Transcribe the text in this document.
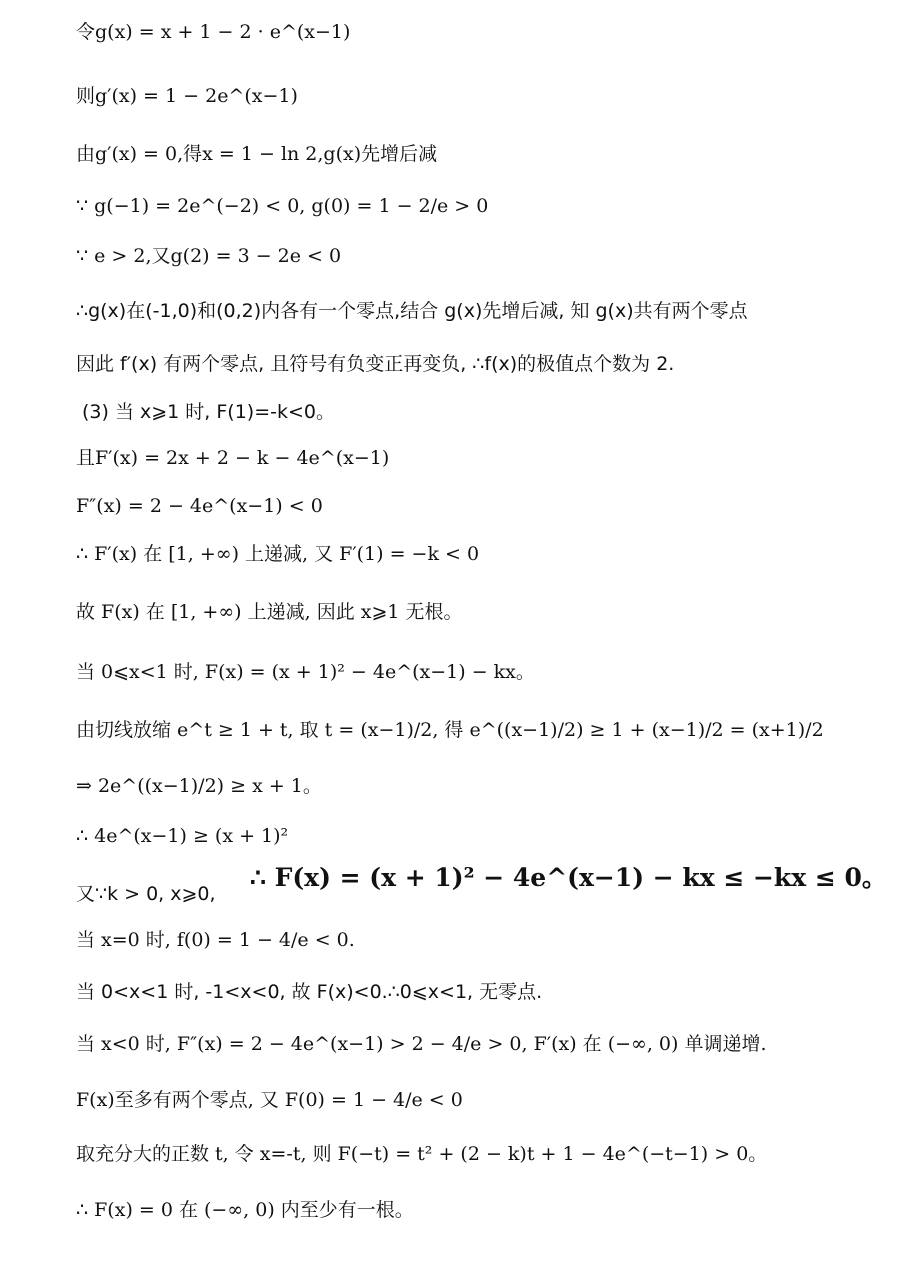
令g(x) = x + 1 − 2 · e^(x−1)
则g′(x) = 1 − 2e^(x−1)
由g′(x) = 0,得x = 1 − ln 2,g(x)先增后减
∵ g(−1) = 2e^(−2) < 0, g(0) = 1 − 2/e > 0
∵ e > 2,又g(2) = 3 − 2e < 0
∴g(x)在(-1,0)和(0,2)内各有一个零点,结合 g(x)先增后减, 知 g(x)共有两个零点
因此 f′(x) 有两个零点, 且符号有负变正再变负, ∴f(x)的极值点个数为 2.
(3) 当 x⩾1 时, F(1)=-k<0。
且F′(x) = 2x + 2 − k − 4e^(x−1)
F″(x) = 2 − 4e^(x−1) < 0
∴ F′(x) 在 [1, +∞) 上递减, 又 F′(1) = −k < 0
故 F(x) 在 [1, +∞) 上递减, 因此 x⩾1 无根。
当 0⩽x<1 时, F(x) = (x + 1)² − 4e^(x−1) − kx。
由切线放缩 e^t ≥ 1 + t, 取 t = (x−1)/2, 得 e^((x−1)/2) ≥ 1 + (x−1)/2 = (x+1)/2
⇒ 2e^((x−1)/2) ≥ x + 1。
∴ 4e^(x−1) ≥ (x + 1)²
又∵k > 0, x⩾0,
∴ F(x) = (x + 1)² − 4e^(x−1) − kx ≤ −kx ≤ 0。
当 x=0 时, f(0) = 1 − 4/e < 0.
当 0<x<1 时, -1<x<0, 故 F(x)<0.∴0⩽x<1, 无零点.
当 x<0 时, F″(x) = 2 − 4e^(x−1) > 2 − 4/e > 0, F′(x) 在 (−∞, 0) 单调递增.
F(x)至多有两个零点, 又 F(0) = 1 − 4/e < 0
取充分大的正数 t, 令 x=-t, 则 F(−t) = t² + (2 − k)t + 1 − 4e^(−t−1) > 0。
∴ F(x) = 0 在 (−∞, 0) 内至少有一根。
